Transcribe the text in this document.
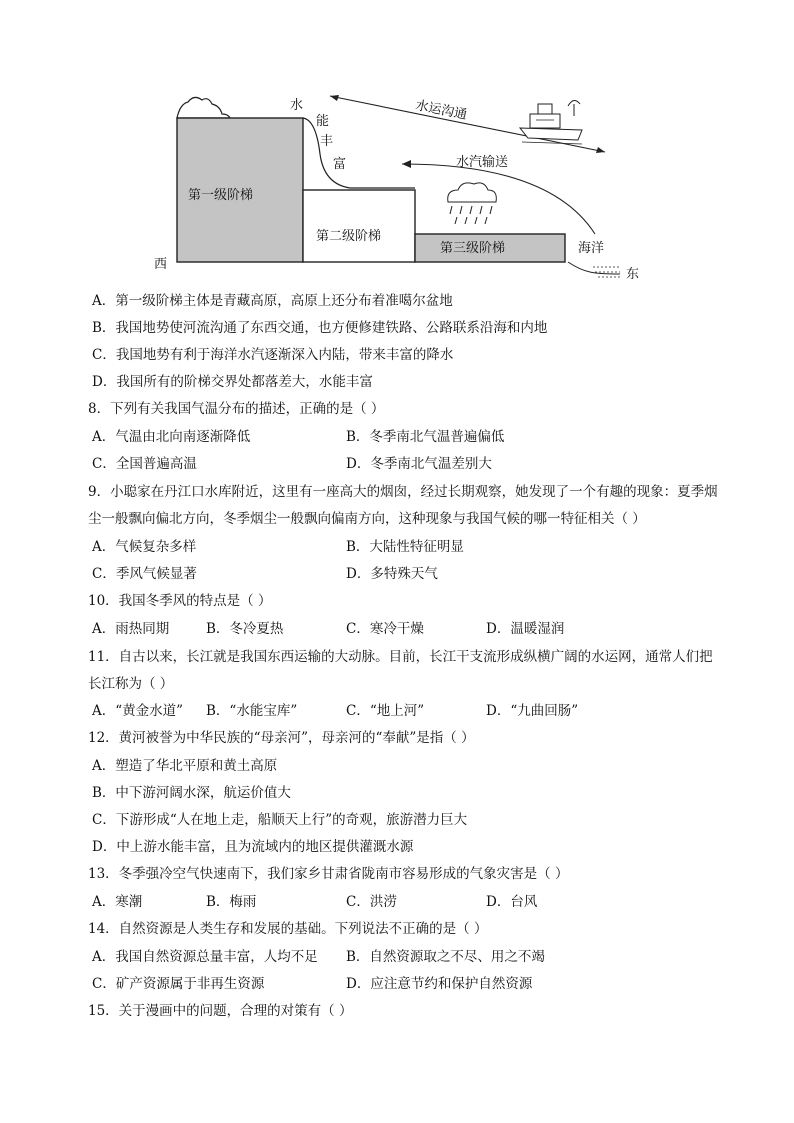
水
能
丰
富
水运沟通
水汽输送
第一级阶梯
第二级阶梯
第三级阶梯	海洋
西
东
A．第一级阶梯主体是青藏高原，高原上还分布着准噶尔盆地
B．我国地势使河流沟通了东西交通，也方便修建铁路、公路联系沿海和内地
C．我国地势有利于海洋水汽逐渐深入内陆，带来丰富的降水
D．我国所有的阶梯交界处都落差大，水能丰富
8．下列有关我国气温分布的描述，正确的是（ ）
A．气温由北向南逐渐降低	B．冬季南北气温普遍偏低
C．全国普遍高温	D．冬季南北气温差别大
9．小聪家在丹江口水库附近，这里有一座高大的烟囱，经过长期观察，她发现了一个有趣的现象：夏季烟
尘一般飘向偏北方向，冬季烟尘一般飘向偏南方向，这种现象与我国气候的哪一特征相关（ ）
A．气候复杂多样	B．大陆性特征明显
C．季风气候显著	D．多特殊天气
10．我国冬季风的特点是（ ）
A．雨热同期	B．冬冷夏热	C．寒冷干燥	D．温暖湿润
11．自古以来，长江就是我国东西运输的大动脉。目前，长江干支流形成纵横广阔的水运网，通常人们把
长江称为（ ）
A．“黄金水道” B．“水能宝库”	C．“地上河”	D．“九曲回肠”
12．黄河被誉为中华民族的“母亲河”，母亲河的“奉献”是指（ ）
A．塑造了华北平原和黄土高原
B．中下游河阔水深，航运价值大
C．下游形成“人在地上走，船顺天上行”的奇观，旅游潜力巨大
D．中上游水能丰富，且为流域内的地区提供灌溉水源
13．冬季强冷空气快速南下，我们家乡甘肃省陇南市容易形成的气象灾害是（ ）
A．寒潮	B．梅雨	C．洪涝	D．台风
14．自然资源是人类生存和发展的基础。下列说法不正确的是（ ）
A．我国自然资源总量丰富，人均不足 B．自然资源取之不尽、用之不竭
C．矿产资源属于非再生资源	D．应注意节约和保护自然资源
15．关于漫画中的问题，合理的对策有（ ）
